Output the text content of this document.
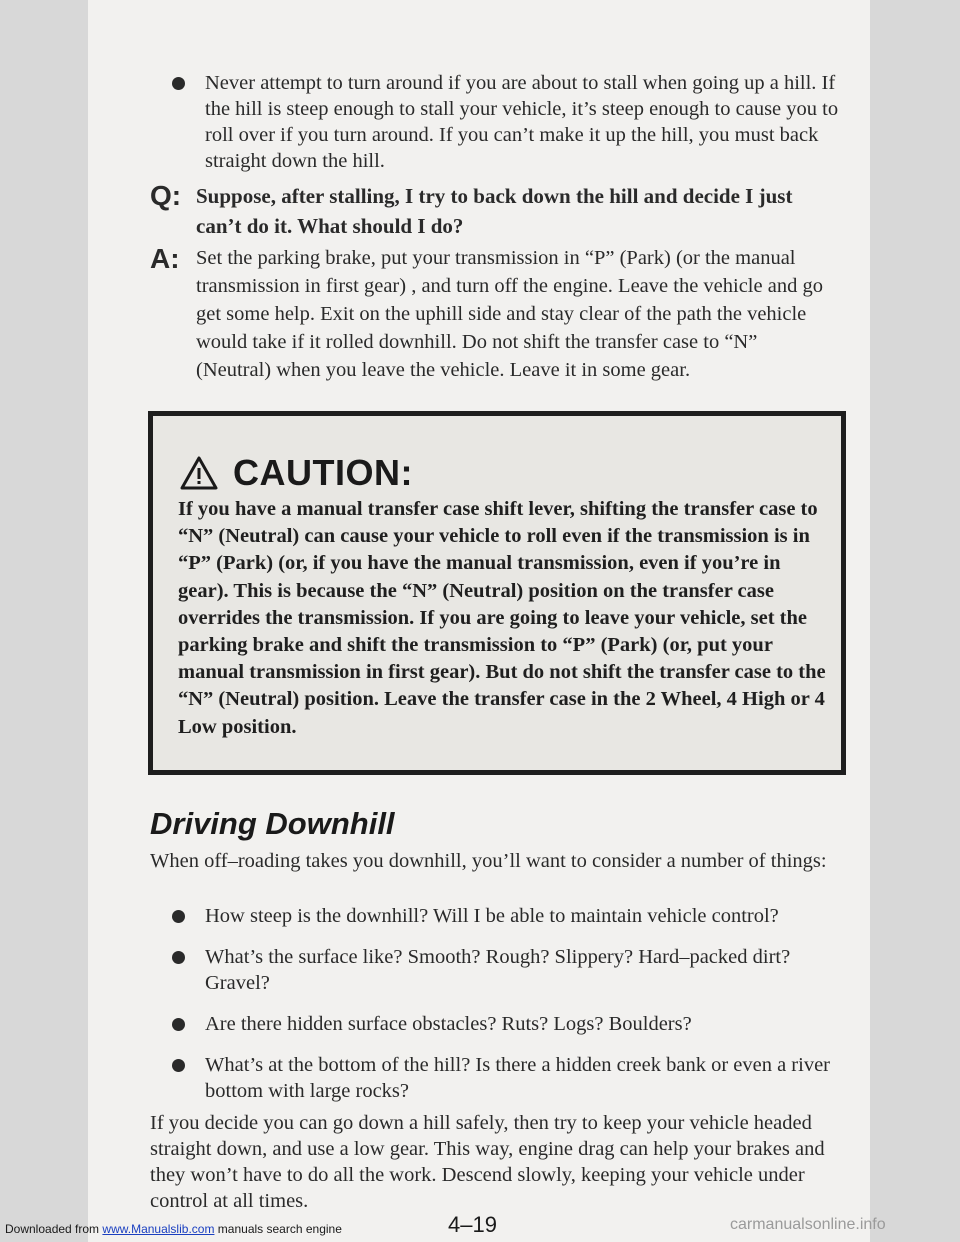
Never attempt to turn around if you are about to stall when going up a hill. If the hill is steep enough to stall your vehicle, it’s steep enough to cause you to roll over if you turn around. If you can’t make it up the hill, you must back straight down the hill.
Q: Suppose, after stalling, I try to back down the hill and decide I just can’t do it. What should I do?
A: Set the parking brake, put your transmission in “P” (Park) (or the manual transmission in first gear) , and turn off the engine. Leave the vehicle and go get some help. Exit on the uphill side and stay clear of the path the vehicle would take if it rolled downhill. Do not shift the transfer case to “N” (Neutral) when you leave the vehicle. Leave it in some gear.
CAUTION:
If you have a manual transfer case shift lever, shifting the transfer case to “N” (Neutral) can cause your vehicle to roll even if the transmission is in “P” (Park) (or, if you have the manual transmission, even if you’re in gear). This is because the “N” (Neutral) position on the transfer case overrides the transmission. If you are going to leave your vehicle, set the parking brake and shift the transmission to “P” (Park) (or, put your manual transmission in first gear). But do not shift the transfer case to the “N” (Neutral) position. Leave the transfer case in the 2 Wheel, 4 High or 4 Low position.
Driving Downhill
When off–roading takes you downhill, you’ll want to consider a number of things:
How steep is the downhill? Will I be able to maintain vehicle control?
What’s the surface like? Smooth? Rough? Slippery? Hard–packed dirt? Gravel?
Are there hidden surface obstacles? Ruts? Logs? Boulders?
What’s at the bottom of the hill? Is there a hidden creek bank or even a river bottom with large rocks?
If you decide you can go down a hill safely, then try to keep your vehicle headed straight down, and use a low gear. This way, engine drag can help your brakes and they won’t have to do all the work. Descend slowly, keeping your vehicle under control at all times.
4–19
Downloaded from www.Manualslib.com manuals search engine	carmanualsonline.info
